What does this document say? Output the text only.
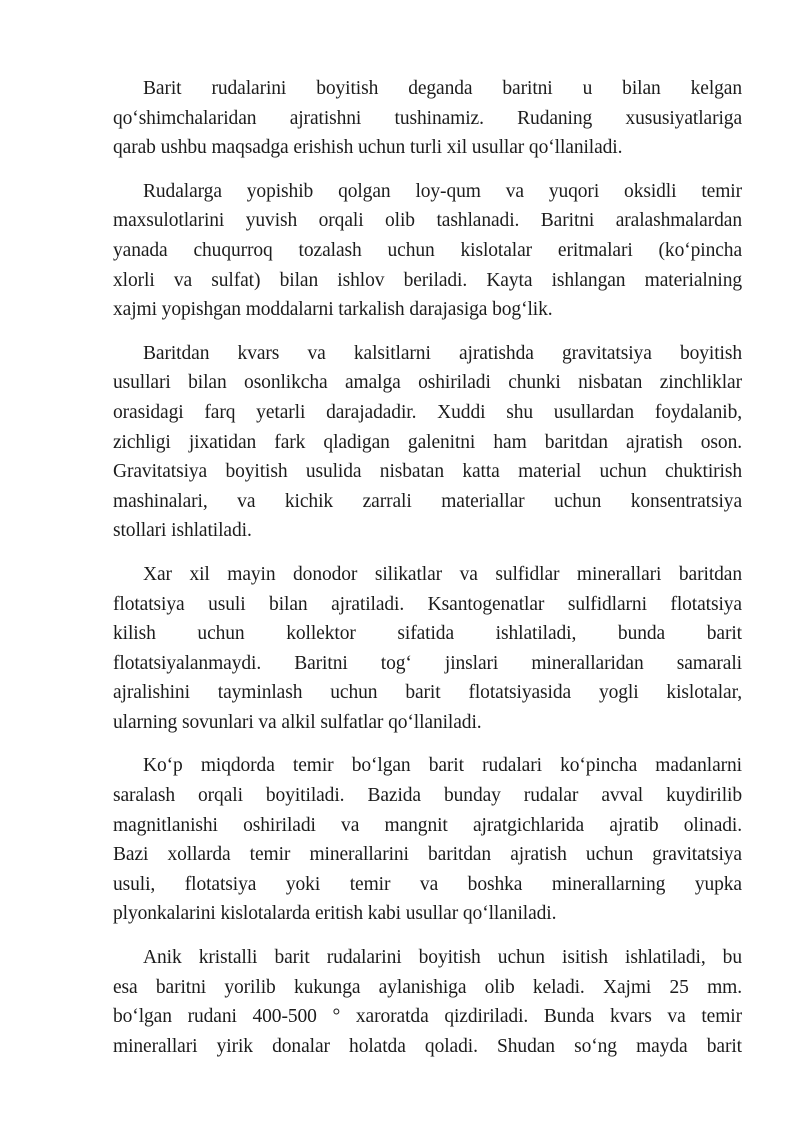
Barit rudalarini boyitish deganda baritni u bilan kelgan
qoʻshimchalaridan ajratishni tushinamiz. Rudaning xususiyatlariga
qarab ushbu maqsadga erishish uchun turli xil usullar qoʻllaniladi.
Rudalarga yopishib qolgan loy-qum va yuqori oksidli temir
maxsulotlarini yuvish orqali olib tashlanadi. Baritni aralashmalardan
yanada chuqurroq tozalash uchun kislotalar eritmalari (koʻpincha
xlorli va sulfat) bilan ishlov beriladi. Kayta ishlangan materialning
xajmi yopishgan moddalarni tarkalish darajasiga bogʻlik.
Baritdan kvars va kalsitlarni ajratishda gravitatsiya boyitish
usullari bilan osonlikcha amalga oshiriladi chunki nisbatan zinchliklar
orasidagi farq yetarli darajadadir. Xuddi shu usullardan foydalanib,
zichligi jixatidan fark qladigan galenitni ham baritdan ajratish oson.
Gravitatsiya boyitish usulida nisbatan katta material uchun chuktirish
mashinalari, va kichik zarrali materiallar uchun konsentratsiya
stollari ishlatiladi.
Xar xil mayin donodor silikatlar va sulfidlar minerallari baritdan
flotatsiya usuli bilan ajratiladi. Ksantogenatlar sulfidlarni flotatsiya
kilish uchun kollektor sifatida ishlatiladi, bunda barit
flotatsiyalanmaydi. Baritni togʻ jinslari minerallaridan samarali
ajralishini tayminlash uchun barit flotatsiyasida yogli kislotalar,
ularning sovunlari va alkil sulfatlar qoʻllaniladi.
Koʻp miqdorda temir boʻlgan barit rudalari koʻpincha madanlarni
saralash orqali boyitiladi. Bazida bunday rudalar avval kuydirilib
magnitlanishi oshiriladi va mangnit ajratgichlarida ajratib olinadi.
Bazi xollarda temir minerallarini baritdan ajratish uchun gravitatsiya
usuli, flotatsiya yoki temir va boshka minerallarning yupka
plyonkalarini kislotalarda eritish kabi usullar qoʻllaniladi.
Anik kristalli barit rudalarini boyitish uchun isitish ishlatiladi, bu
esa baritni yorilib kukunga aylanishiga olib keladi. Xajmi 25 mm.
boʻlgan rudani 400-500 ° xaroratda qizdiriladi. Bunda kvars va temir
minerallari yirik donalar holatda qoladi. Shudan soʻng mayda barit
